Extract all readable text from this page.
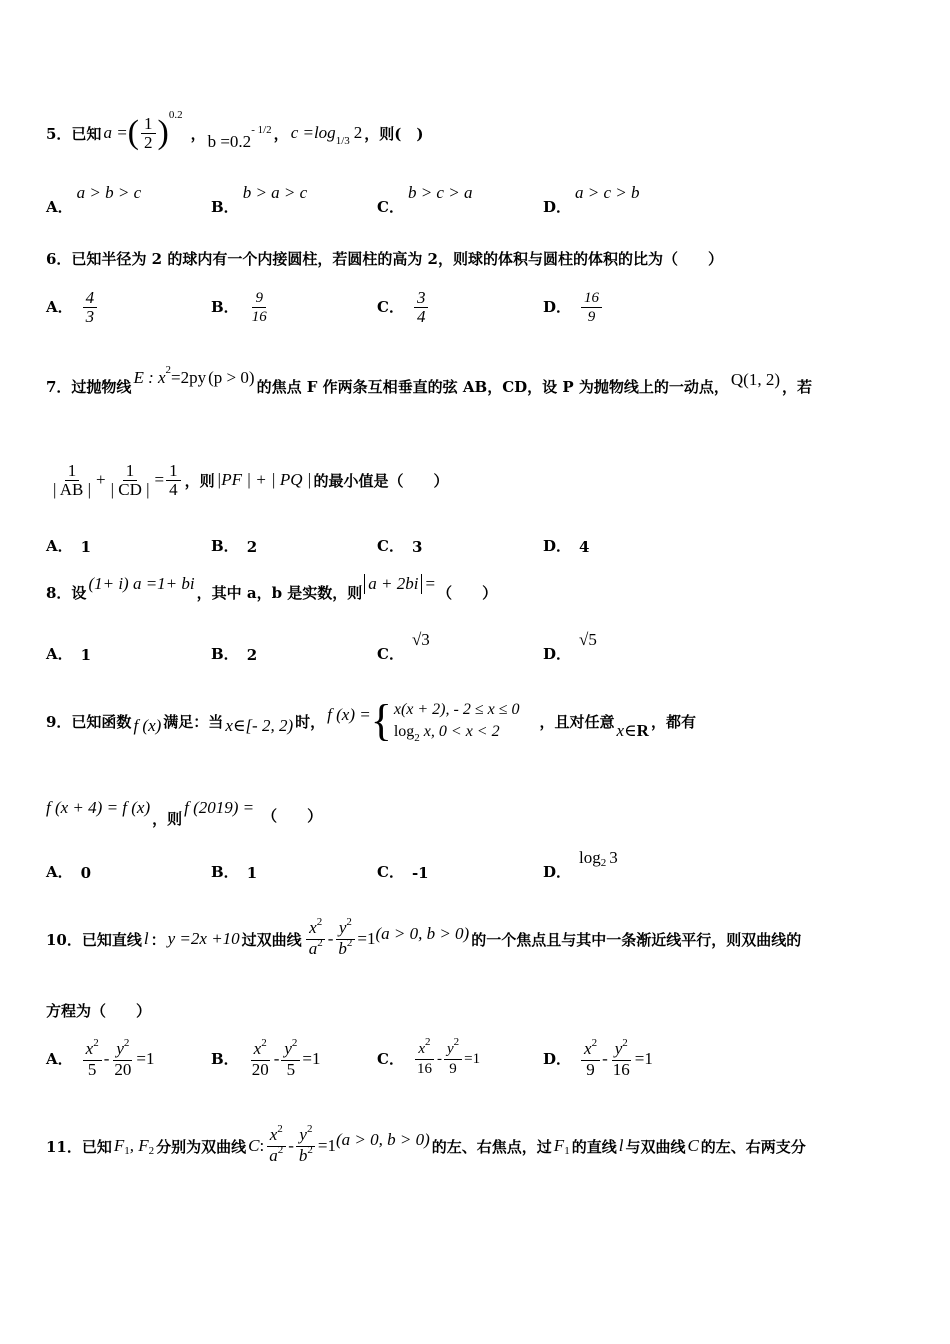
5．已知 a = ( $\frac{1}{2}$ ) 0.2
， b =0.2
- 1/2 ， c =log 1/3 2 ，则(　)
A．
a > b > c
B．
b > a > c
C．
b > c > a
D．
a > c > b
6．已知半径为 2 的球内有一个内接圆柱，若圆柱的高为 2，则球的体积与圆柱的体积的比为（　　）
A． $\frac{4}{3}$	B． $\frac{9}{16}$	C． $\frac{3}{4}$	D． $\frac{16}{9}$
7．过抛物线 E : x 2 =2py (p > 0) 的焦点 F 作两条互相垂直的弦 AB，CD，设 P 为抛物线上的一动点， Q(1, 2) ，若
$\frac{1}{| AB |} + \frac{1}{| CD |} = \frac{1}{4}$ ，则 |PF | + | PQ | 的最小值是（　　）
A． 1	B． 2	C． 3	D． 4
8．设 (1+ i) a =1+ bi ，其中 a，b 是实数，则 a + 2bi = （　　）
A． 1	B． 2	C．
√3
D．
√5
9．已知函数 f (x) 满足：当 x∈[- 2, 2) 时， f (x) = { x(x + 2), - 2 ≤ x ≤ 0
$\log_2 x$, 0 < x < 2
，且对任意 x∈ R ，都有
f (x + 4) = f (x)
，则
f (2019) = （　　）
A． 0	B． 1	C． -1	D．
log 2 3
10．已知直线 l ： y =2x +10 过双曲线 $\frac{x^2}{a^2} - \frac{y^2}{b^2} =1$ (a > 0, b > 0) 的一个焦点且与其中一条渐近线平行，则双曲线的
方程为（　　）
A． $\frac{x^2}{5} - \frac{y^2}{20} =1$	B． $\frac{x^2}{20} - \frac{y^2}{5} =1$	C． $\frac{x^2}{16} - \frac{y^2}{9} =1$	D． $\frac{x^2}{9} - \frac{y^2}{16} =1$
11．已知 F 1 , F 2 分别为双曲线 C : $\frac{x^2}{a^2} - \frac{y^2}{b^2} =1$ (a > 0, b > 0) 的左、右焦点，过 F 1 的直线 l 与双曲线 C 的左、右两支分
